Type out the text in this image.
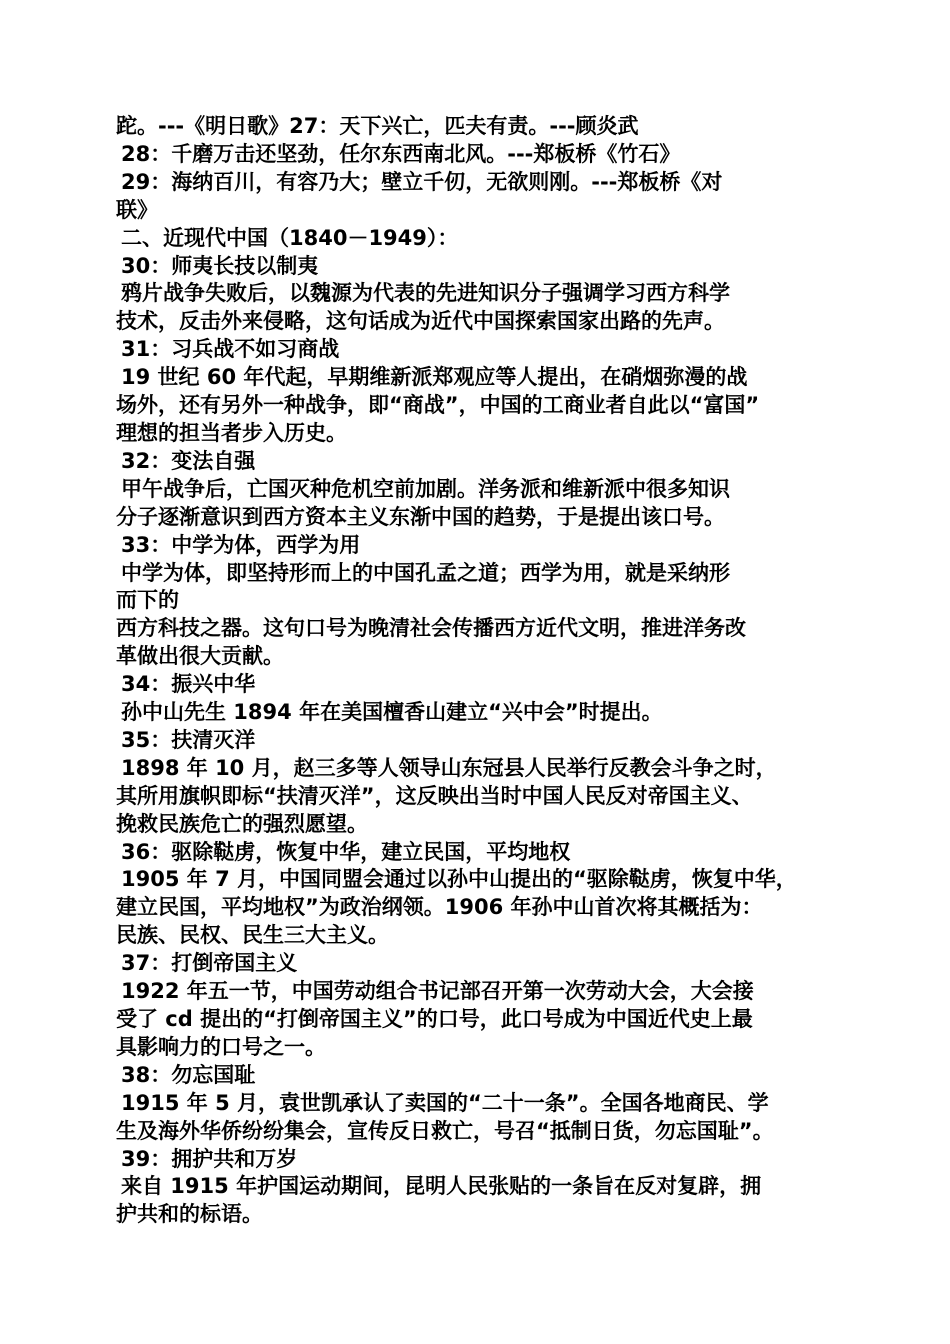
跎。---《明日歌》27：天下兴亡，匹夫有责。---顾炎武
28：千磨万击还坚劲，任尔东西南北风。---郑板桥《竹石》
29：海纳百川，有容乃大；壁立千仞，无欲则刚。---郑板桥《对
联》
二、近现代中国（1840－1949）：
30：师夷长技以制夷
鸦片战争失败后，以魏源为代表的先进知识分子强调学习西方科学
技术，反击外来侵略，这句话成为近代中国探索国家出路的先声。
31：习兵战不如习商战
19 世纪 60 年代起，早期维新派郑观应等人提出，在硝烟弥漫的战
场外，还有另外一种战争，即“商战”，中国的工商业者自此以“富国”
理想的担当者步入历史。
32：变法自强
甲午战争后，亡国灭种危机空前加剧。洋务派和维新派中很多知识
分子逐渐意识到西方资本主义东渐中国的趋势，于是提出该口号。
33：中学为体，西学为用
中学为体，即坚持形而上的中国孔孟之道；西学为用，就是采纳形
而下的
西方科技之器。这句口号为晚清社会传播西方近代文明，推进洋务改
革做出很大贡献。
34：振兴中华
孙中山先生 1894 年在美国檀香山建立“兴中会”时提出。
35：扶清灭洋
1898 年 10 月，赵三多等人领导山东冠县人民举行反教会斗争之时，
其所用旗帜即标“扶清灭洋”，这反映出当时中国人民反对帝国主义、
挽救民族危亡的强烈愿望。
36：驱除鞑虏，恢复中华，建立民国，平均地权
1905 年 7 月，中国同盟会通过以孙中山提出的“驱除鞑虏，恢复中华，
建立民国，平均地权”为政治纲领。1906 年孙中山首次将其概括为：
民族、民权、民生三大主义。
37：打倒帝国主义
1922 年五一节，中国劳动组合书记部召开第一次劳动大会，大会接
受了 cd 提出的“打倒帝国主义”的口号，此口号成为中国近代史上最
具影响力的口号之一。
38：勿忘国耻
1915 年 5 月，袁世凯承认了卖国的“二十一条”。全国各地商民、学
生及海外华侨纷纷集会，宣传反日救亡，号召“抵制日货，勿忘国耻”。
39：拥护共和万岁
来自 1915 年护国运动期间，昆明人民张贴的一条旨在反对复辟，拥
护共和的标语。
